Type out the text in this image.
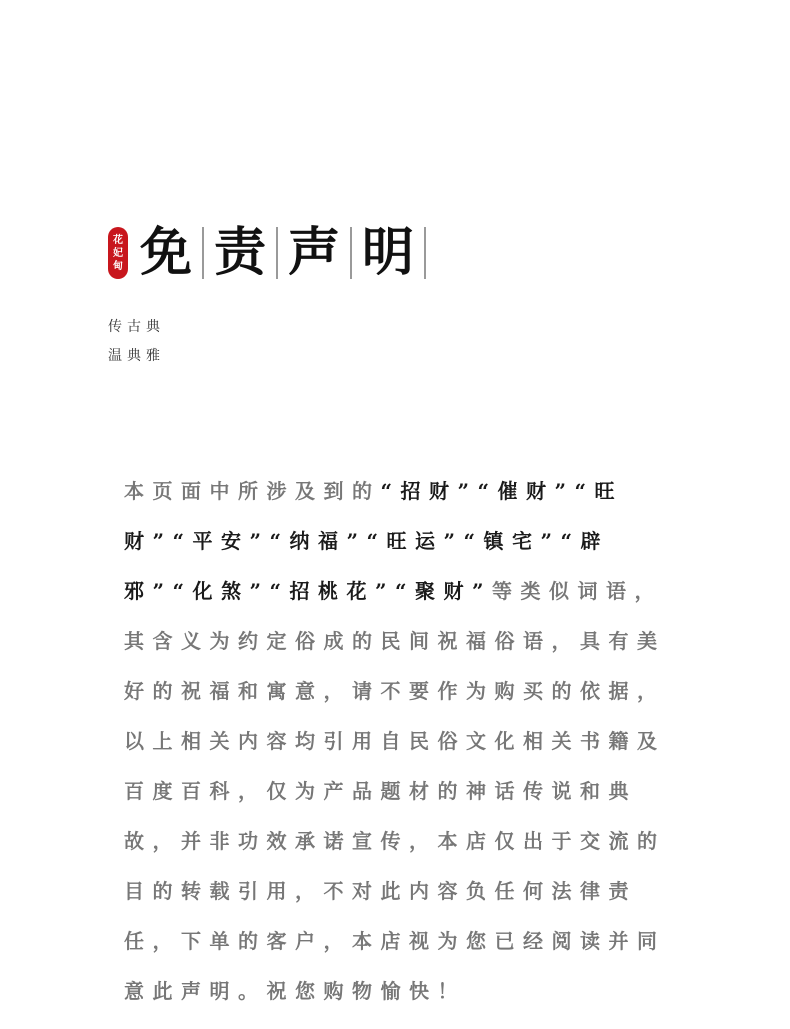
花
妃
甸 免 责 声 明
传古典
温典雅
本页面中所涉及到的“招财”“催财”“旺财”“平安”“纳福”“旺运”“镇宅”“辟邪”“化煞”“招桃花”“聚财”等类似词语，其含义为约定俗成的民间祝福俗语，具有美好的祝福和寓意，请不要作为购买的依据，以上相关内容均引用自民俗文化相关书籍及百度百科，仅为产品题材的神话传说和典故，并非功效承诺宣传，本店仅出于交流的目的转载引用，不对此内容负任何法律责任，下单的客户，本店视为您已经阅读并同意此声明。祝您购物愉快！
